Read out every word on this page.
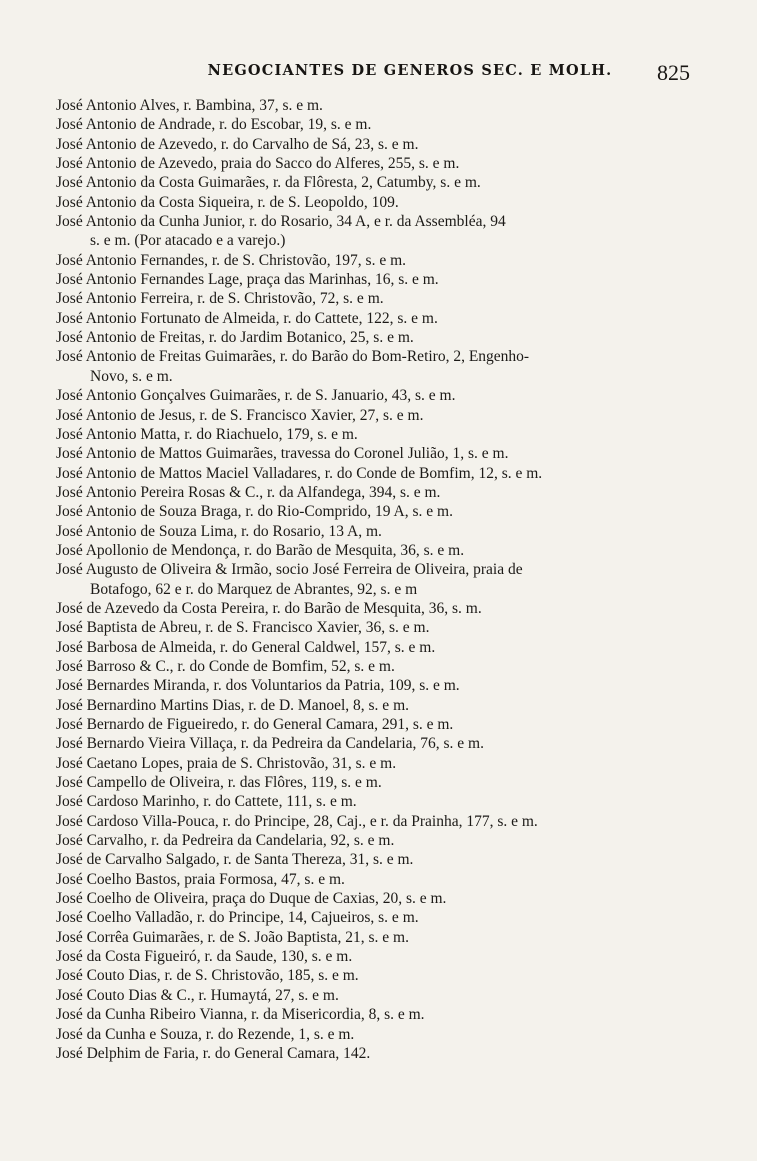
NEGOCIANTES DE GENEROS SEC. E MOLH.	825
José Antonio Alves, r. Bambina, 37, s. e m.
José Antonio de Andrade, r. do Escobar, 19, s. e m.
José Antonio de Azevedo, r. do Carvalho de Sá, 23, s. e m.
José Antonio de Azevedo, praia do Sacco do Alferes, 255, s. e m.
José Antonio da Costa Guimarães, r. da Flôresta, 2, Catumby, s. e m.
José Antonio da Costa Siqueira, r. de S. Leopoldo, 109.
José Antonio da Cunha Junior, r. do Rosario, 34 A, e r. da Assembléa, 94
s. e m. (Por atacado e a varejo.)
José Antonio Fernandes, r. de S. Christovão, 197, s. e m.
José Antonio Fernandes Lage, praça das Marinhas, 16, s. e m.
José Antonio Ferreira, r. de S. Christovão, 72, s. e m.
José Antonio Fortunato de Almeida, r. do Cattete, 122, s. e m.
José Antonio de Freitas, r. do Jardim Botanico, 25, s. e m.
José Antonio de Freitas Guimarães, r. do Barão do Bom-Retiro, 2, Engenho-
Novo, s. e m.
José Antonio Gonçalves Guimarães, r. de S. Januario, 43, s. e m.
José Antonio de Jesus, r. de S. Francisco Xavier, 27, s. e m.
José Antonio Matta, r. do Riachuelo, 179, s. e m.
José Antonio de Mattos Guimarães, travessa do Coronel Julião, 1, s. e m.
José Antonio de Mattos Maciel Valladares, r. do Conde de Bomfim, 12, s. e m.
José Antonio Pereira Rosas & C., r. da Alfandega, 394, s. e m.
José Antonio de Souza Braga, r. do Rio-Comprido, 19 A, s. e m.
José Antonio de Souza Lima, r. do Rosario, 13 A, m.
José Apollonio de Mendonça, r. do Barão de Mesquita, 36, s. e m.
José Augusto de Oliveira & Irmão, socio José Ferreira de Oliveira, praia de
Botafogo, 62 e r. do Marquez de Abrantes, 92, s. e m
José de Azevedo da Costa Pereira, r. do Barão de Mesquita, 36, s. m.
José Baptista de Abreu, r. de S. Francisco Xavier, 36, s. e m.
José Barbosa de Almeida, r. do General Caldwel, 157, s. e m.
José Barroso & C., r. do Conde de Bomfim, 52, s. e m.
José Bernardes Miranda, r. dos Voluntarios da Patria, 109, s. e m.
José Bernardino Martins Dias, r. de D. Manoel, 8, s. e m.
José Bernardo de Figueiredo, r. do General Camara, 291, s. e m.
José Bernardo Vieira Villaça, r. da Pedreira da Candelaria, 76, s. e m.
José Caetano Lopes, praia de S. Christovão, 31, s. e m.
José Campello de Oliveira, r. das Flôres, 119, s. e m.
José Cardoso Marinho, r. do Cattete, 111, s. e m.
José Cardoso Villa-Pouca, r. do Principe, 28, Caj., e r. da Prainha, 177, s. e m.
José Carvalho, r. da Pedreira da Candelaria, 92, s. e m.
José de Carvalho Salgado, r. de Santa Thereza, 31, s. e m.
José Coelho Bastos, praia Formosa, 47, s. e m.
José Coelho de Oliveira, praça do Duque de Caxias, 20, s. e m.
José Coelho Valladão, r. do Principe, 14, Cajueiros, s. e m.
José Corrêa Guimarães, r. de S. João Baptista, 21, s. e m.
José da Costa Figueiró, r. da Saude, 130, s. e m.
José Couto Dias, r. de S. Christovão, 185, s. e m.
José Couto Dias & C., r. Humaytá, 27, s. e m.
José da Cunha Ribeiro Vianna, r. da Misericordia, 8, s. e m.
José da Cunha e Souza, r. do Rezende, 1, s. e m.
José Delphim de Faria, r. do General Camara, 142.
